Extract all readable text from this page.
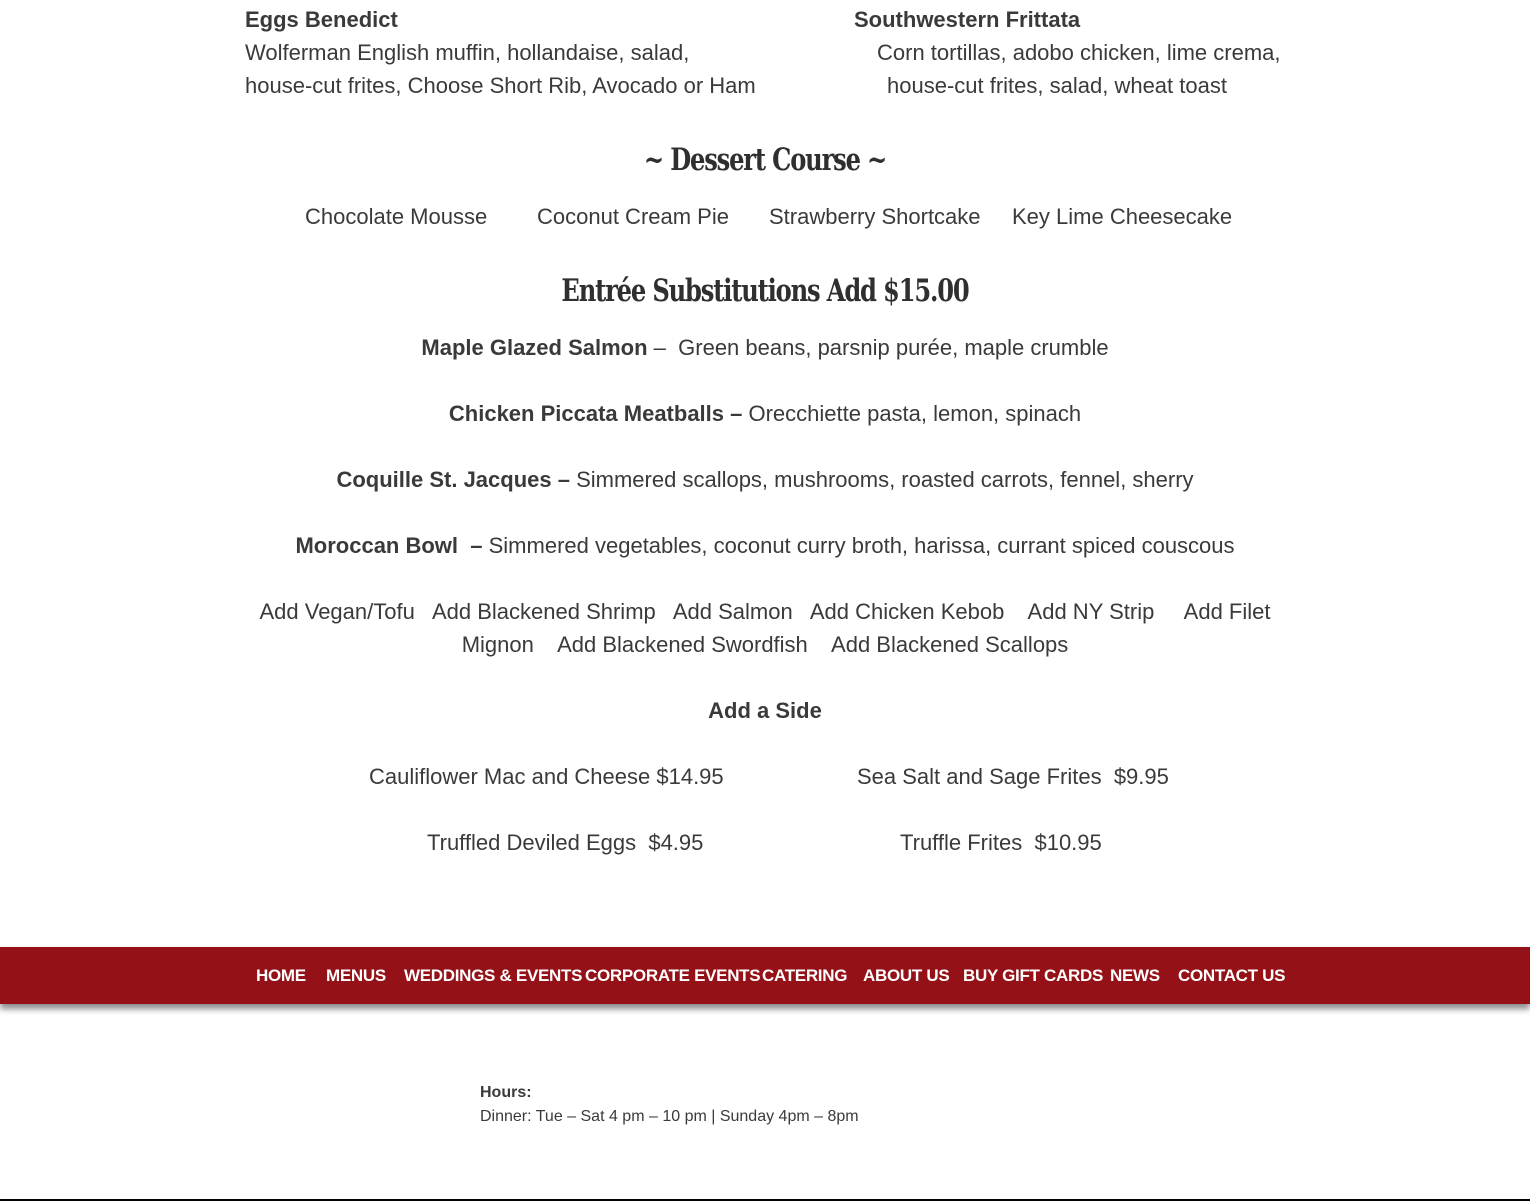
Eggs Benedict
Wolferman English muffin, hollandaise, salad,
house-cut frites, Choose Short Rib, Avocado or Ham
Southwestern Frittata
Corn tortillas, adobo chicken, lime crema,
house-cut frites, salad, wheat toast
~ Dessert Course ~
Chocolate Mousse Coconut Cream Pie Strawberry Shortcake Key Lime Cheesecake
Entrée Substitutions Add $15.00
Maple Glazed Salmon –  Green beans, parsnip purée, maple crumble
Chicken Piccata Meatballs – Orecchiette pasta, lemon, spinach
Coquille St. Jacques – Simmered scallops, mushrooms, roasted carrots, fennel, sherry
Moroccan Bowl  – Simmered vegetables, coconut curry broth, harissa, currant spiced couscous
Add Vegan/Tofu   Add Blackened Shrimp   Add Salmon   Add Chicken Kebob    Add NY Strip     Add Filet
Mignon    Add Blackened Swordfish    Add Blackened Scallops
Add a Side
Cauliflower Mac and Cheese $14.95	Sea Salt and Sage Frites  $9.95
Truffled Deviled Eggs  $4.95	Truffle Frites  $10.95
HOME MENUS WEDDINGS & EVENTS CORPORATE EVENTS CATERING ABOUT US BUY GIFT CARDS NEWS CONTACT US
Hours:
Dinner: Tue – Sat 4 pm – 10 pm | Sunday 4pm – 8pm
